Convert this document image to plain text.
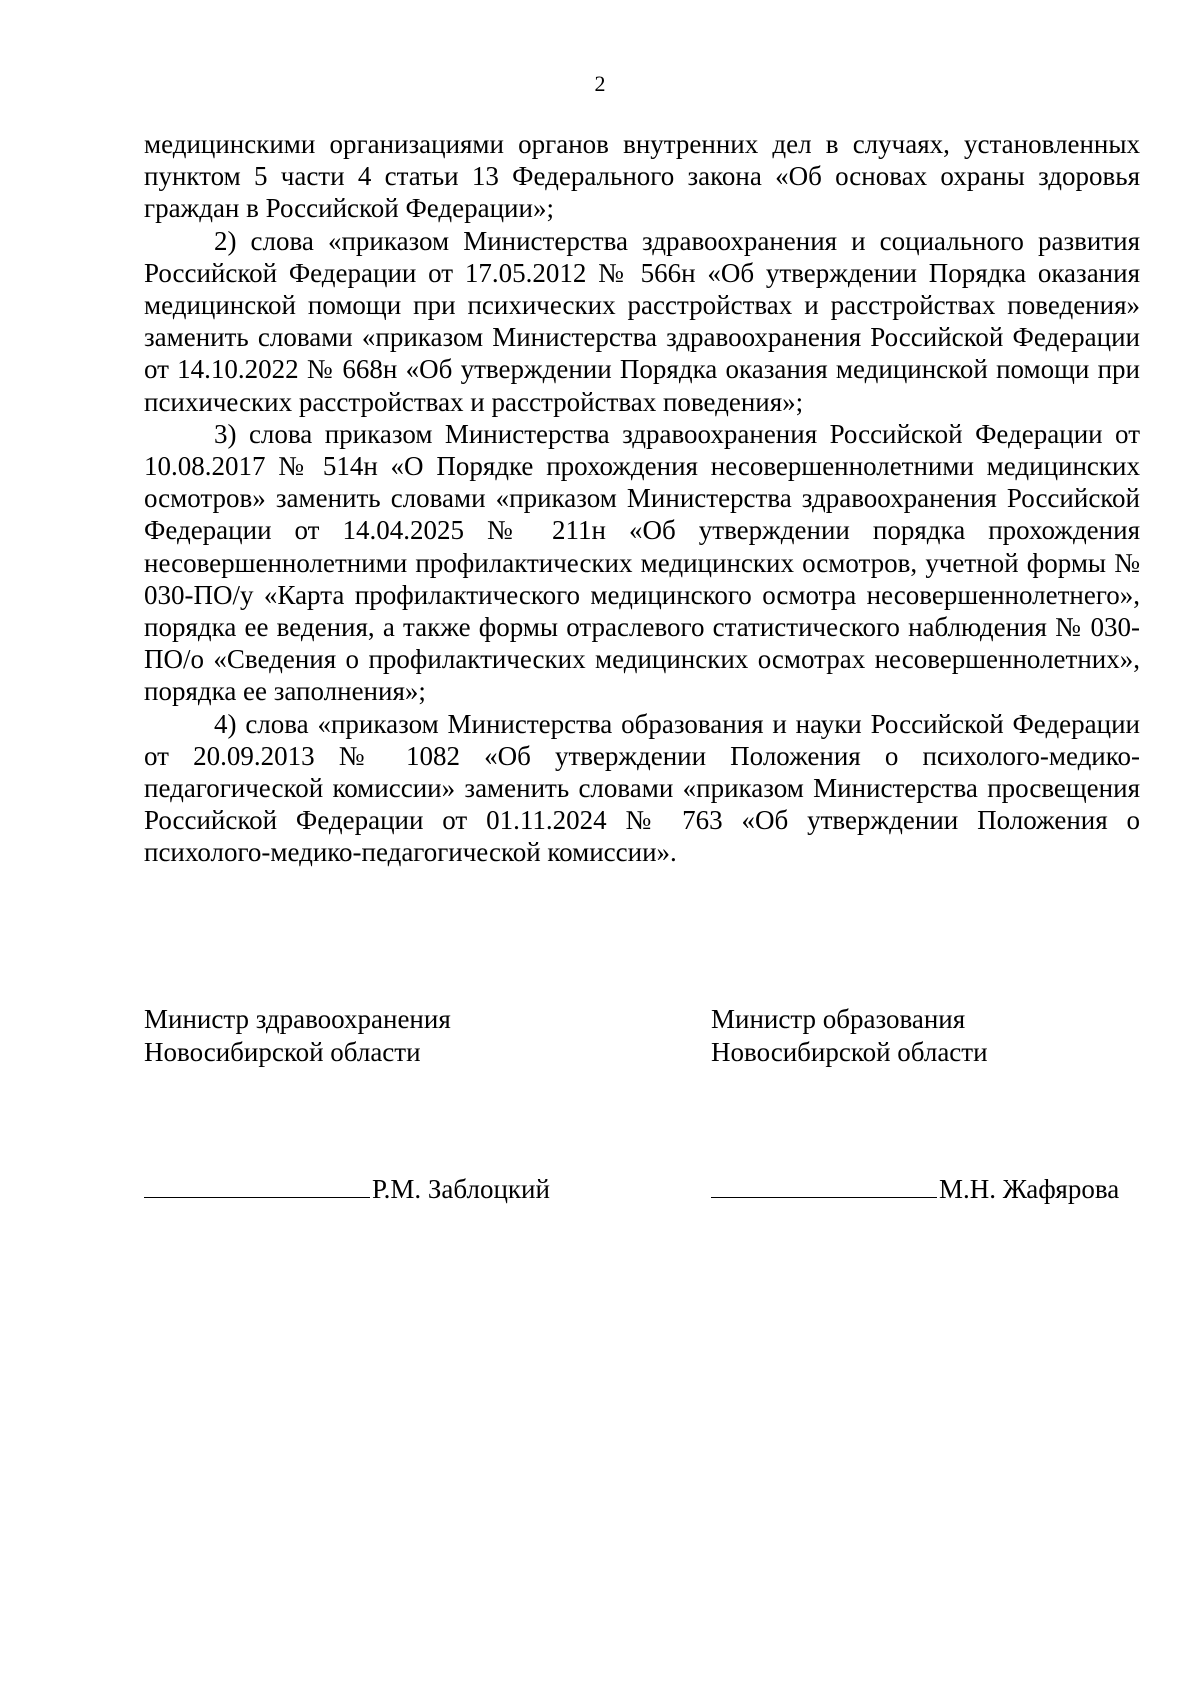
2

медицинскими организациями органов внутренних дел в случаях, установленных пунктом 5 части 4 статьи 13 Федерального закона «Об основах охраны здоровья граждан в Российской Федерации»;

2) слова «приказом Министерства здравоохранения и социального развития Российской Федерации от 17.05.2012 № 566н «Об утверждении Порядка оказания медицинской помощи при психических расстройствах и расстройствах поведения» заменить словами «приказом Министерства здравоохранения Российской Федерации от 14.10.2022 № 668н «Об утверждении Порядка оказания медицинской помощи при психических расстройствах и расстройствах поведения»;

3) слова приказом Министерства здравоохранения Российской Федерации от 10.08.2017 № 514н «О Порядке прохождения несовершеннолетними медицинских осмотров» заменить словами «приказом Министерства здравоохранения Российской Федерации от 14.04.2025 № 211н «Об утверждении порядка прохождения несовершеннолетними профилактических медицинских осмотров, учетной формы № 030-ПО/у «Карта профилактического медицинского осмотра несовершеннолетнего», порядка ее ведения, а также формы отраслевого статистического наблюдения № 030-ПО/о «Сведения о профилактических медицинских осмотрах несовершеннолетних», порядка ее заполнения»;

4) слова «приказом Министерства образования и науки Российской Федерации от 20.09.2013 № 1082 «Об утверждении Положения о психолого-медико-педагогической комиссии» заменить словами «приказом Министерства просвещения Российской Федерации от 01.11.2024 № 763 «Об утверждении Положения о психолого-медико-педагогической комиссии».

Министр здравоохранения
Новосибирской области
Министр образования
Новосибирской области
Р.М. Заблоцкий	М.Н. Жафярова
